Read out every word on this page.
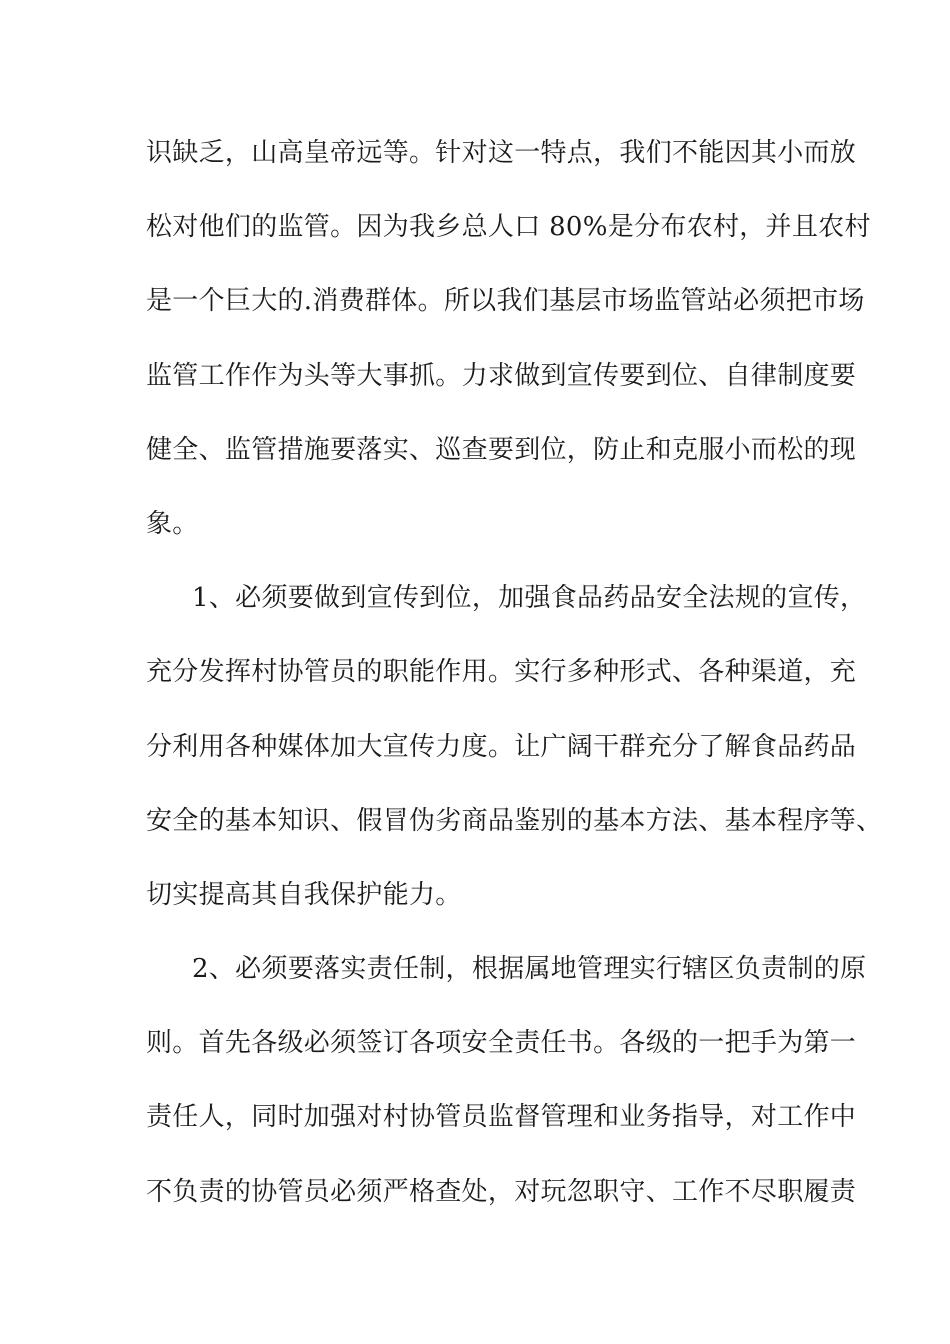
识缺乏，山高皇帝远等。针对这一特点，我们不能因其小而放
松对他们的监管。因为我乡总人口 80%是分布农村，并且农村
是一个巨大的.消费群体。所以我们基层市场监管站必须把市场
监管工作作为头等大事抓。力求做到宣传要到位、自律制度要
健全、监管措施要落实、巡查要到位，防止和克服小而松的现
象。
1、必须要做到宣传到位，加强食品药品安全法规的宣传，
充分发挥村协管员的职能作用。实行多种形式、各种渠道，充
分利用各种媒体加大宣传力度。让广阔干群充分了解食品药品
安全的基本知识、假冒伪劣商品鉴别的基本方法、基本程序等、
切实提高其自我保护能力。
2、必须要落实责任制，根据属地管理实行辖区负责制的原
则。首先各级必须签订各项安全责任书。各级的一把手为第一
责任人，同时加强对村协管员监督管理和业务指导，对工作中
不负责的协管员必须严格查处，对玩忽职守、工作不尽职履责
